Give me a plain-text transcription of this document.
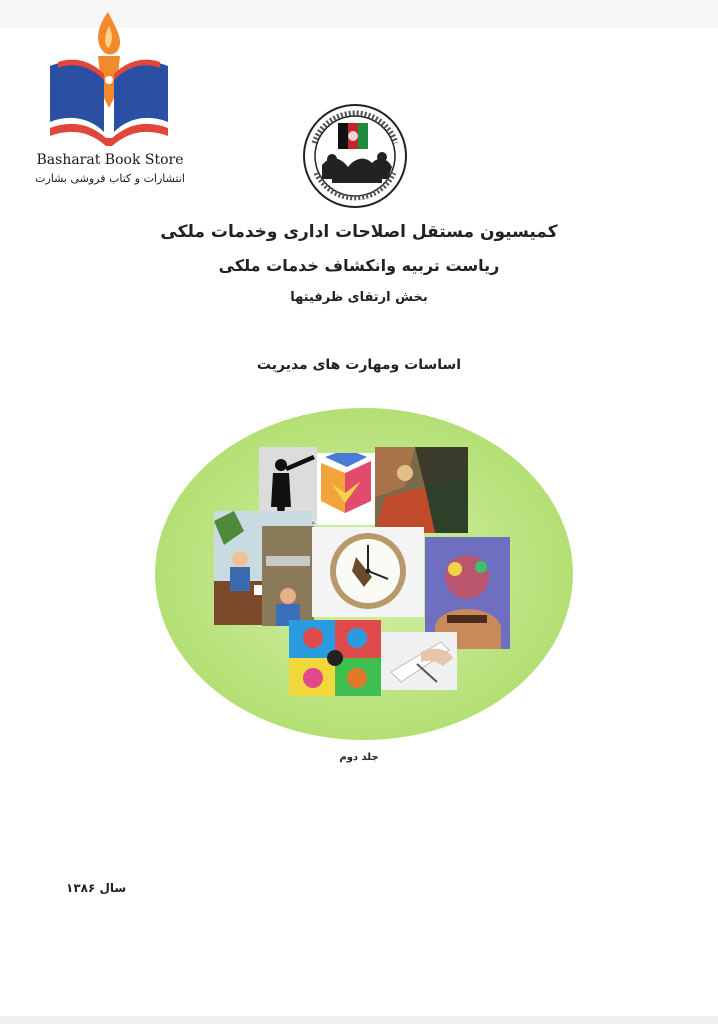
Basharat Book Store
انتشارات و کتاب فروشی بشارت
کمیسیون مستقل اصلاحات اداری وخدمات ملکی
ریاست تربیه وانکشاف خدمات ملکی
بخش ارتقای ظرفیتها
اساسات ومهارت های مدیریت
جلد دوم
سال ۱۳۸۶
